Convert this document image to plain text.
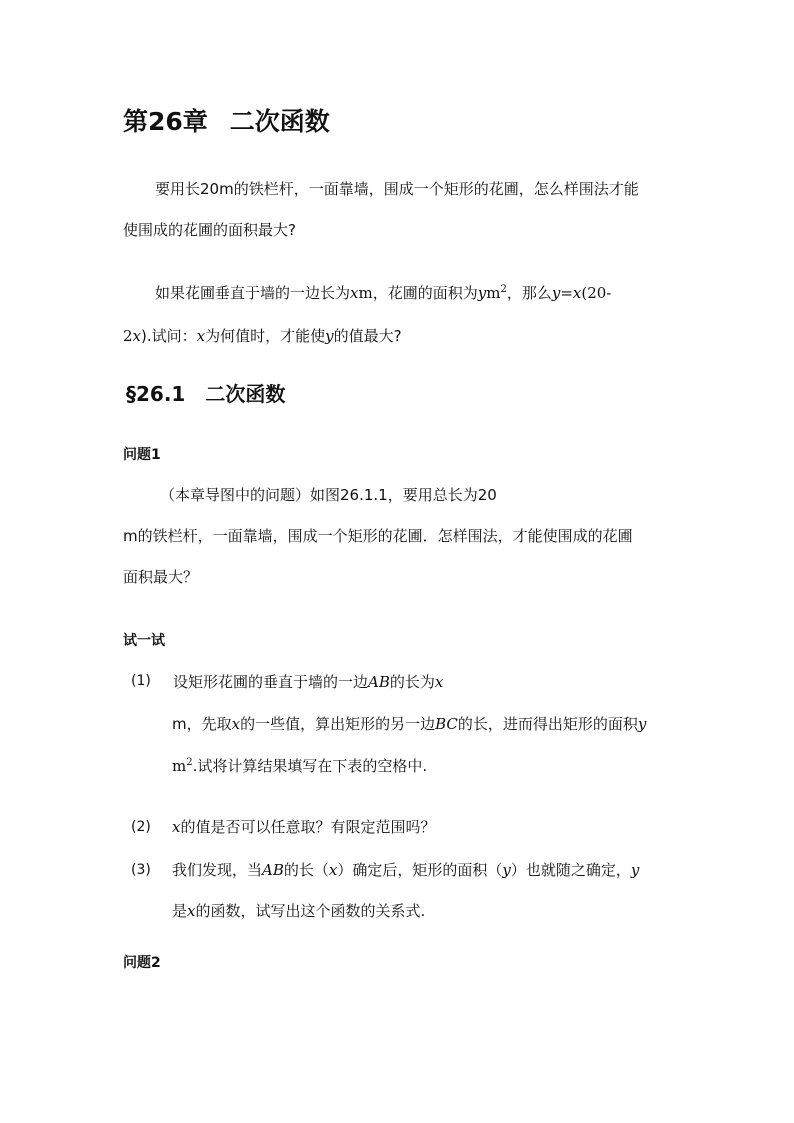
第26章 二次函数
要用长20m的铁栏杆，一面靠墙，围成一个矩形的花圃，怎么样围法才能
使围成的花圃的面积最大?
如果花圃垂直于墙的一边长为xm，花圃的面积为$ym^2$，那么y=x(20-
2x).试问：x为何值时，才能使y的值最大?
§26.1 二次函数
问题1
（本章导图中的问题）如图26.1.1，要用总长为20
m的铁栏杆，一面靠墙，围成一个矩形的花圃．怎样围法，才能使围成的花圃
面积最大？
试一试
(1) 设矩形花圃的垂直于墙的一边AB的长为x
m，先取x的一些值，算出矩形的另一边BC的长，进而得出矩形的面积y
$m^2$.试将计算结果填写在下表的空格中.
(2) x的值是否可以任意取？有限定范围吗？
(3) 我们发现，当AB的长（x）确定后，矩形的面积（y）也就随之确定，y
是x的函数，试写出这个函数的关系式.
问题2
